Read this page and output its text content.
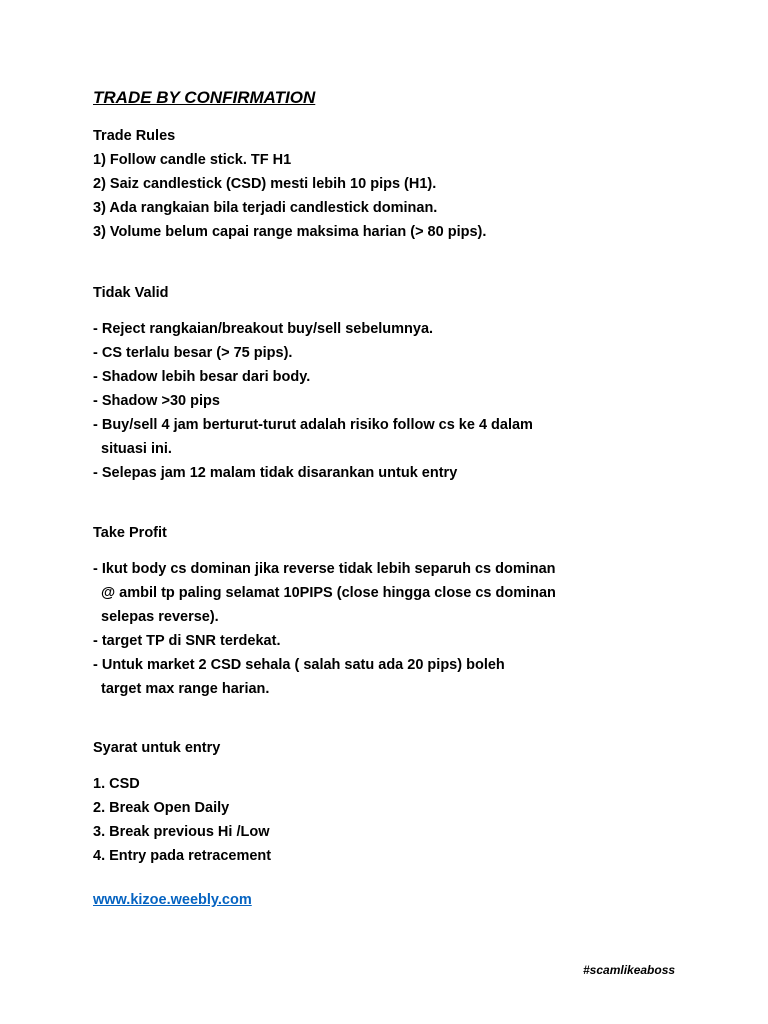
TRADE BY CONFIRMATION

Trade Rules

1) Follow candle stick. TF H1
2) Saiz candlestick (CSD) mesti lebih 10 pips (H1).
3) Ada rangkaian bila terjadi candlestick dominan.
3) Volume belum capai range maksima harian (> 80 pips).

Tidak Valid

- Reject rangkaian/breakout buy/sell sebelumnya.
- CS terlalu besar (> 75 pips).
- Shadow lebih besar dari body.
- Shadow >30 pips
- Buy/sell 4 jam berturut-turut adalah risiko follow cs ke 4 dalam
situasi ini.
- Selepas jam 12 malam tidak disarankan untuk entry

Take Profit

- Ikut body cs dominan jika reverse tidak lebih separuh cs dominan
@ ambil tp paling selamat 10PIPS (close hingga close cs dominan
selepas reverse).
- target TP di SNR terdekat.
- Untuk market 2 CSD sehala ( salah satu ada 20 pips) boleh
target max range harian.

Syarat untuk entry

1. CSD
2. Break Open Daily
3. Break previous Hi /Low
4. Entry pada retracement
www.kizoe.weebly.com
#scamlikeaboss
